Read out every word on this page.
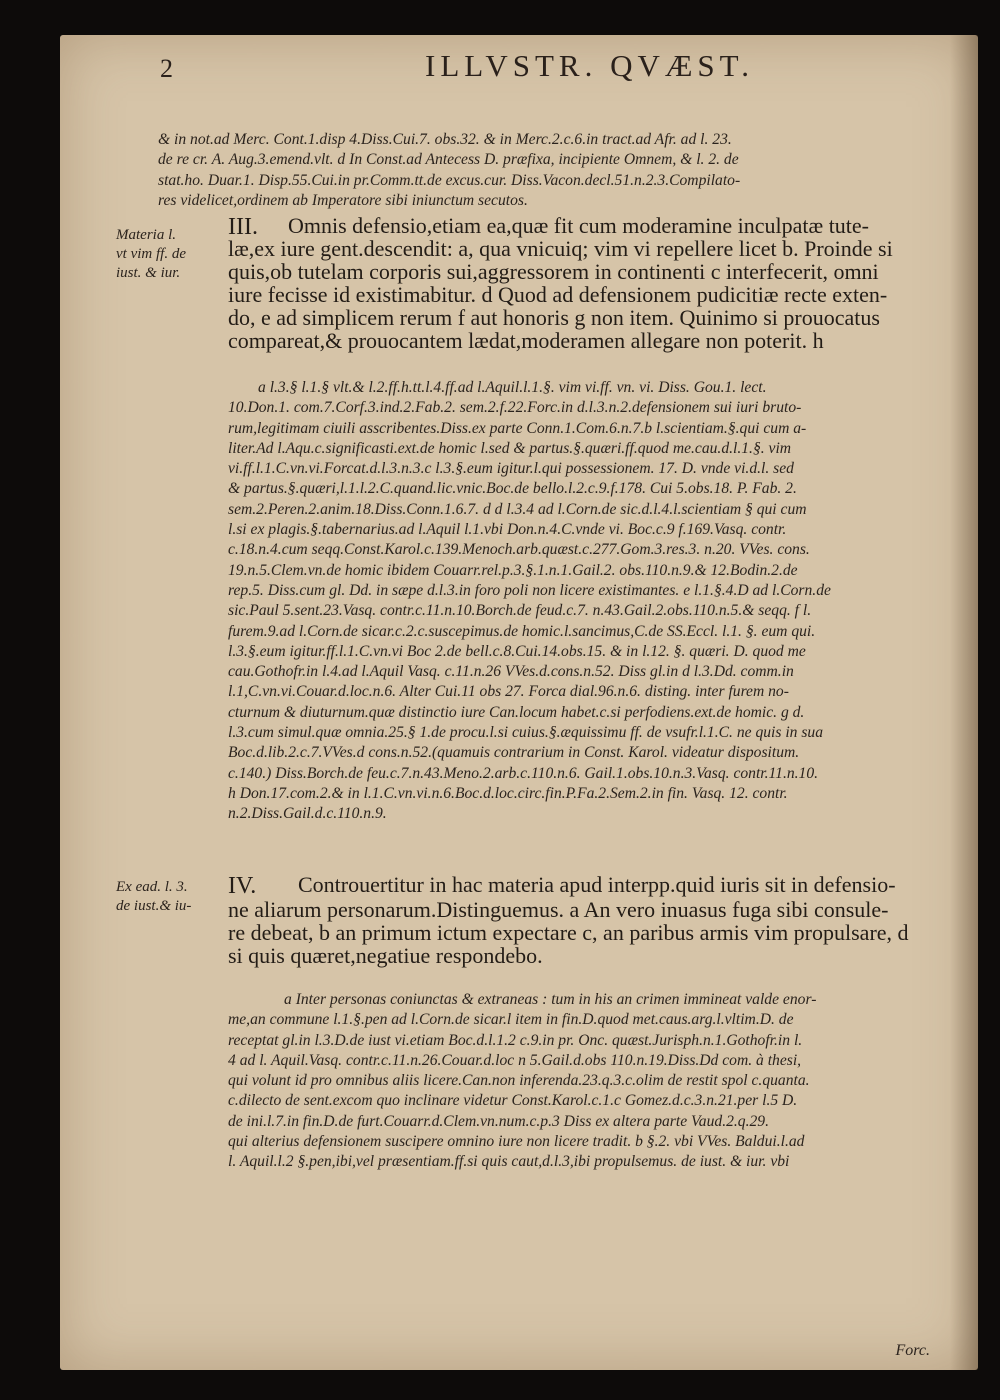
2	ILLVSTR. QVÆST.
& in not.ad Merc. Cont.1.disp 4.Diss.Cui.7. obs.32. & in Merc.2.c.6.in tract.ad Afr. ad l. 23.
de re cr. A. Aug.3.emend.vlt. d In Const.ad Antecess D. præfixa, incipiente Omnem, & l. 2. de
stat.ho. Duar.1. Disp.55.Cui.in pr.Comm.tt.de excus.cur. Diss.Vacon.decl.51.n.2.3.Compilato-
res videlicet,ordinem ab Imperatore sibi iniunctum secutos.
Materia l.
vt vim ff. de
iust. & iur.
III. Omnis defensio,etiam ea,quæ fit cum moderamine inculpatæ tute-
læ,ex iure gent.descendit: a, qua vnicuiq; vim vi repellere licet b. Proinde si
quis,ob tutelam corporis sui,aggressorem in continenti c interfecerit, omni
iure fecisse id existimabitur. d Quod ad defensionem pudicitiæ recte exten-
do, e ad simplicem rerum f aut honoris g non item. Quinimo si prouocatus
compareat,& prouocantem lædat,moderamen allegare non poterit. h
a l.3.§ l.1.§ vlt.& l.2.ff.h.tt.l.4.ff.ad l.Aquil.l.1.§. vim vi.ff. vn. vi. Diss. Gou.1. lect.
10.Don.1. com.7.Corf.3.ind.2.Fab.2. sem.2.f.22.Forc.in d.l.3.n.2.defensionem sui iuri bruto-
rum,legitimam ciuili asscribentes.Diss.ex parte Conn.1.Com.6.n.7.b l.scientiam.§.qui cum a-
liter.Ad l.Aqu.c.significasti.ext.de homic l.sed & partus.§.quæri.ff.quod me.cau.d.l.1.§. vim
vi.ff.l.1.C.vn.vi.Forcat.d.l.3.n.3.c l.3.§.eum igitur.l.qui possessionem. 17. D. vnde vi.d.l. sed
& partus.§.quæri,l.1.l.2.C.quand.lic.vnic.Boc.de bello.l.2.c.9.f.178. Cui 5.obs.18. P. Fab. 2.
sem.2.Peren.2.anim.18.Diss.Conn.1.6.7. d d l.3.4 ad l.Corn.de sic.d.l.4.l.scientiam § qui cum
l.si ex plagis.§.tabernarius.ad l.Aquil l.1.vbi Don.n.4.C.vnde vi. Boc.c.9 f.169.Vasq. contr.
c.18.n.4.cum seqq.Const.Karol.c.139.Menoch.arb.quæst.c.277.Gom.3.res.3. n.20. VVes. cons.
19.n.5.Clem.vn.de homic ibidem Couarr.rel.p.3.§.1.n.1.Gail.2. obs.110.n.9.& 12.Bodin.2.de
rep.5. Diss.cum gl. Dd. in sæpe d.l.3.in foro poli non licere existimantes. e l.1.§.4.D ad l.Corn.de
sic.Paul 5.sent.23.Vasq. contr.c.11.n.10.Borch.de feud.c.7. n.43.Gail.2.obs.110.n.5.& seqq. f l.
furem.9.ad l.Corn.de sicar.c.2.c.suscepimus.de homic.l.sancimus,C.de SS.Eccl. l.1. §. eum qui.
l.3.§.eum igitur.ff.l.1.C.vn.vi Boc 2.de bell.c.8.Cui.14.obs.15. & in l.12. §. quæri. D. quod me
cau.Gothofr.in l.4.ad l.Aquil Vasq. c.11.n.26 VVes.d.cons.n.52. Diss gl.in d l.3.Dd. comm.in
l.1,C.vn.vi.Couar.d.loc.n.6. Alter Cui.11 obs 27. Forca dial.96.n.6. disting. inter furem no-
cturnum & diuturnum.quæ distinctio iure Can.locum habet.c.si perfodiens.ext.de homic. g d.
l.3.cum simul.quæ omnia.25.§ 1.de procu.l.si cuius.§.æquissimu ff. de vsufr.l.1.C. ne quis in sua
Boc.d.lib.2.c.7.VVes.d cons.n.52.(quamuis contrarium in Const. Karol. videatur dispositum.
c.140.) Diss.Borch.de feu.c.7.n.43.Meno.2.arb.c.110.n.6. Gail.1.obs.10.n.3.Vasq. contr.11.n.10.
h Don.17.com.2.& in l.1.C.vn.vi.n.6.Boc.d.loc.circ.fin.P.Fa.2.Sem.2.in fin. Vasq. 12. contr.
n.2.Diss.Gail.d.c.110.n.9.
Ex ead. l. 3.
de iust.& iu-
IV. Controuertitur in hac materia apud interpp.quid iuris sit in defensio-
ne aliarum personarum.Distinguemus. a An vero inuasus fuga sibi consule-
re debeat, b an primum ictum expectare c, an paribus armis vim propulsare, d
si quis quæret,negatiue respondebo.
a Inter personas coniunctas & extraneas : tum in his an crimen immineat valde enor-
me,an commune l.1.§.pen ad l.Corn.de sicar.l item in fin.D.quod met.caus.arg.l.vltim.D. de
receptat gl.in l.3.D.de iust vi.etiam Boc.d.l.1.2 c.9.in pr. Onc. quæst.Jurisph.n.1.Gothofr.in l.
4 ad l. Aquil.Vasq. contr.c.11.n.26.Couar.d.loc n 5.Gail.d.obs 110.n.19.Diss.Dd com. à thesi,
qui volunt id pro omnibus aliis licere.Can.non inferenda.23.q.3.c.olim de restit spol c.quanta.
c.dilecto de sent.excom quo inclinare videtur Const.Karol.c.1.c Gomez.d.c.3.n.21.per l.5 D.
de ini.l.7.in fin.D.de furt.Couarr.d.Clem.vn.num.c.p.3 Diss ex altera parte Vaud.2.q.29.
qui alterius defensionem suscipere omnino iure non licere tradit. b §.2. vbi VVes. Baldui.l.ad
l. Aquil.l.2 §.pen,ibi,vel præsentiam.ff.si quis caut,d.l.3,ibi propulsemus. de iust. & iur. vbi
Forc.
